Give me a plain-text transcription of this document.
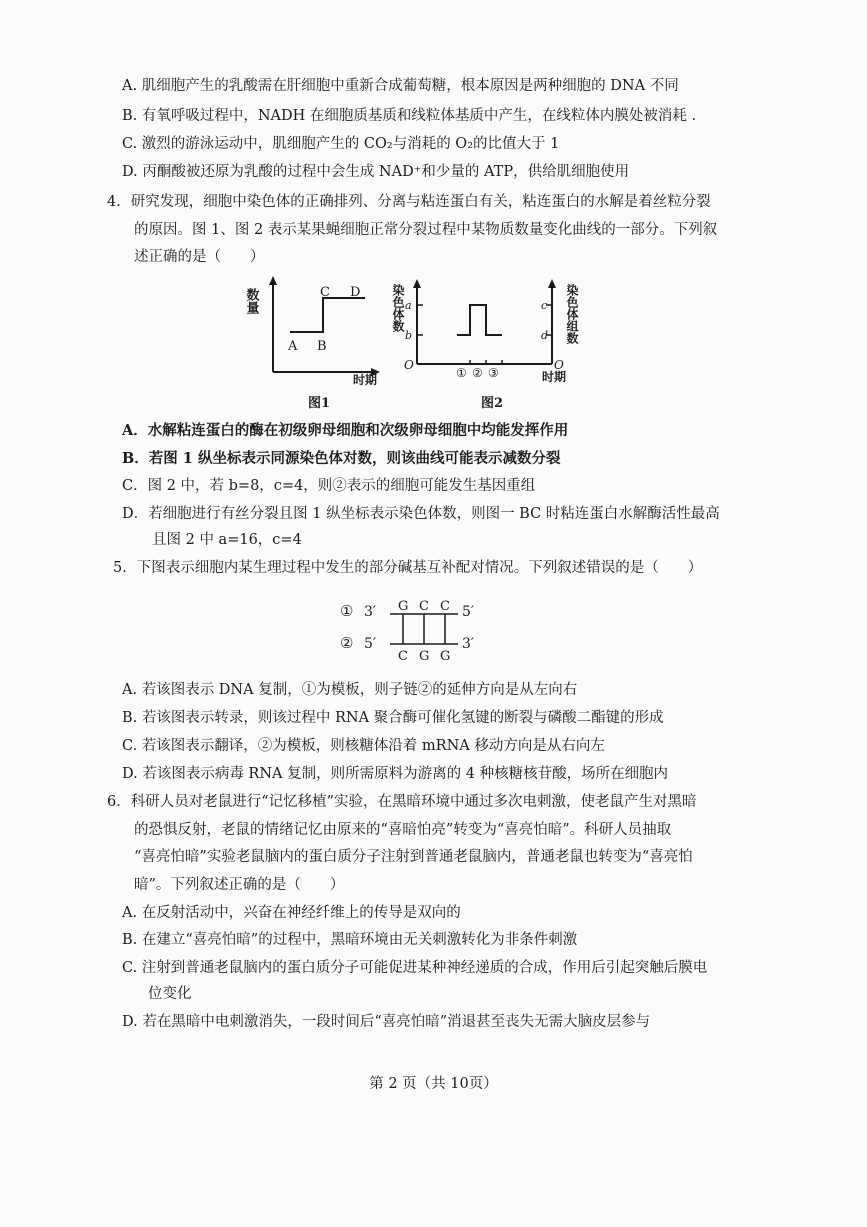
A. 肌细胞产生的乳酸需在肝细胞中重新合成葡萄糖，根本原因是两种细胞的 DNA 不同
B. 有氧呼吸过程中，NADH 在细胞质基质和线粒体基质中产生，在线粒体内膜处被消耗 .
C. 激烈的游泳运动中，肌细胞产生的 CO₂与消耗的 O₂的比值大于 1
D. 丙酮酸被还原为乳酸的过程中会生成 NAD⁺和少量的 ATP，供给肌细胞使用
4．研究发现，细胞中染色体的正确排列、分离与粘连蛋白有关，粘连蛋白的水解是着丝粒分裂
的原因。图 1、图 2 表示某果蝇细胞正常分裂过程中某物质数量变化曲线的一部分。下列叙
述正确的是（　　）
数量
A B
C D
时期
图1
染色体数	染色体组数
a
b
c
d
O	O
① ② ③	时期
图2
A．水解粘连蛋白的酶在初级卵母细胞和次级卵母细胞中均能发挥作用
B．若图 1 纵坐标表示同源染色体对数，则该曲线可能表示减数分裂
C．图 2 中，若 b=8，c=4，则②表示的细胞可能发生基因重组
D．若细胞进行有丝分裂且图 1 纵坐标表示染色体数，则图一 BC 时粘连蛋白水解酶活性最高
且图 2 中 a=16，c=4
5．下图表示细胞内某生理过程中发生的部分碱基互补配对情况。下列叙述错误的是（　　）
① 3′ G C C 5′
② 5′
C G G
3′
A. 若该图表示 DNA 复制，①为模板，则子链②的延伸方向是从左向右
B. 若该图表示转录，则该过程中 RNA 聚合酶可催化氢键的断裂与磷酸二酯键的形成
C. 若该图表示翻译，②为模板，则核糖体沿着 mRNA 移动方向是从右向左
D. 若该图表示病毒 RNA 复制，则所需原料为游离的 4 种核糖核苷酸，场所在细胞内
6．科研人员对老鼠进行“记忆移植”实验，在黑暗环境中通过多次电刺激，使老鼠产生对黑暗
的恐惧反射，老鼠的情绪记忆由原来的“喜暗怕亮”转变为“喜亮怕暗”。科研人员抽取
“喜亮怕暗”实验老鼠脑内的蛋白质分子注射到普通老鼠脑内，普通老鼠也转变为“喜亮怕
暗”。下列叙述正确的是（　　）
A. 在反射活动中，兴奋在神经纤维上的传导是双向的
B. 在建立“喜亮怕暗”的过程中，黑暗环境由无关刺激转化为非条件刺激
C. 注射到普通老鼠脑内的蛋白质分子可能促进某种神经递质的合成，作用后引起突触后膜电
位变化
D. 若在黑暗中电刺激消失，一段时间后“喜亮怕暗”消退甚至丧失无需大脑皮层参与
第 2 页（共 10页）
